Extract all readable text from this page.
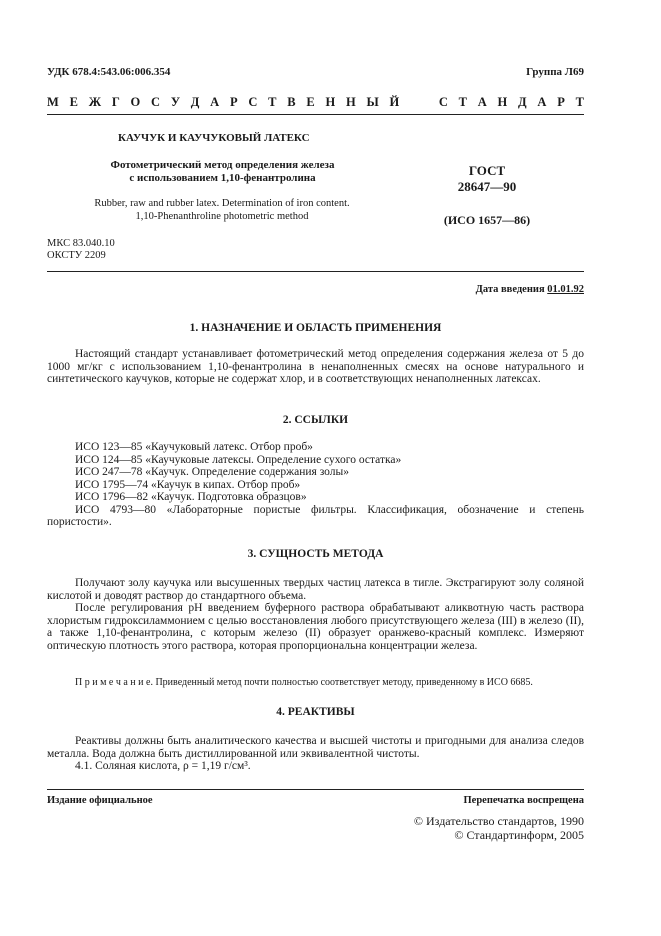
УДК 678.4:543.06:006.354	Группа Л69
М Е Ж Г О С У Д А Р С Т В Е Н Н Ы Й	С Т А Н Д А Р Т
КАУЧУК И КАУЧУКОВЫЙ ЛАТЕКС
Фотометрический метод определения железа
с использованием 1,10-фенантролина
Rubber, raw and rubber latex. Determination of iron content.
1,10-Phenanthroline photometric method
ГОСТ
28647—90
(ИСО 1657—86)
МКС 83.040.10
ОКСТУ 2209
Дата введения 01.01.92
1. НАЗНАЧЕНИЕ И ОБЛАСТЬ ПРИМЕНЕНИЯ

Настоящий стандарт устанавливает фотометрический метод определения содержания железа от 5 до 1000 мг/кг с использованием 1,10-фенантролина в ненаполненных смесях на основе натурального и синтетического каучуков, которые не содержат хлор, и в соответствующих ненаполненных латексах.

2. ССЫЛКИ
ИСО 123—85 «Каучуковый латекс. Отбор проб»
ИСО 124—85 «Каучуковые латексы. Определение сухого остатка»
ИСО 247—78 «Каучук. Определение содержания золы»
ИСО 1795—74 «Каучук в кипах. Отбор проб»
ИСО 1796—82 «Каучук. Подготовка образцов»
ИСО 4793—80 «Лабораторные пористые фильтры. Классификация, обозначение и степень пористости».
3. СУЩНОСТЬ МЕТОДА

Получают золу каучука или высушенных твердых частиц латекса в тигле. Экстрагируют золу соляной кислотой и доводят раствор до стандартного объема.

После регулирования pH введением буферного раствора обрабатывают аликвотную часть раствора хлористым гидроксиламмонием с целью восстановления любого присутствующего железа (III) в железо (II), а также 1,10-фенантролина, с которым железо (II) образует оранжево-красный комплекс. Измеряют оптическую плотность этого раствора, которая пропорциональна концентрации железа.

П р и м е ч а н и е. Приведенный метод почти полностью соответствует методу, приведенному в ИСО 6685.
4. РЕАКТИВЫ

Реактивы должны быть аналитического качества и высшей чистоты и пригодными для анализа следов металла. Вода должна быть дистиллированной или эквивалентной чистоты.

4.1. Соляная кислота, ρ = 1,19 г/см³.

Издание официальное	Перепечатка воспрещена
© Издательство стандартов, 1990
© Стандартинформ, 2005
